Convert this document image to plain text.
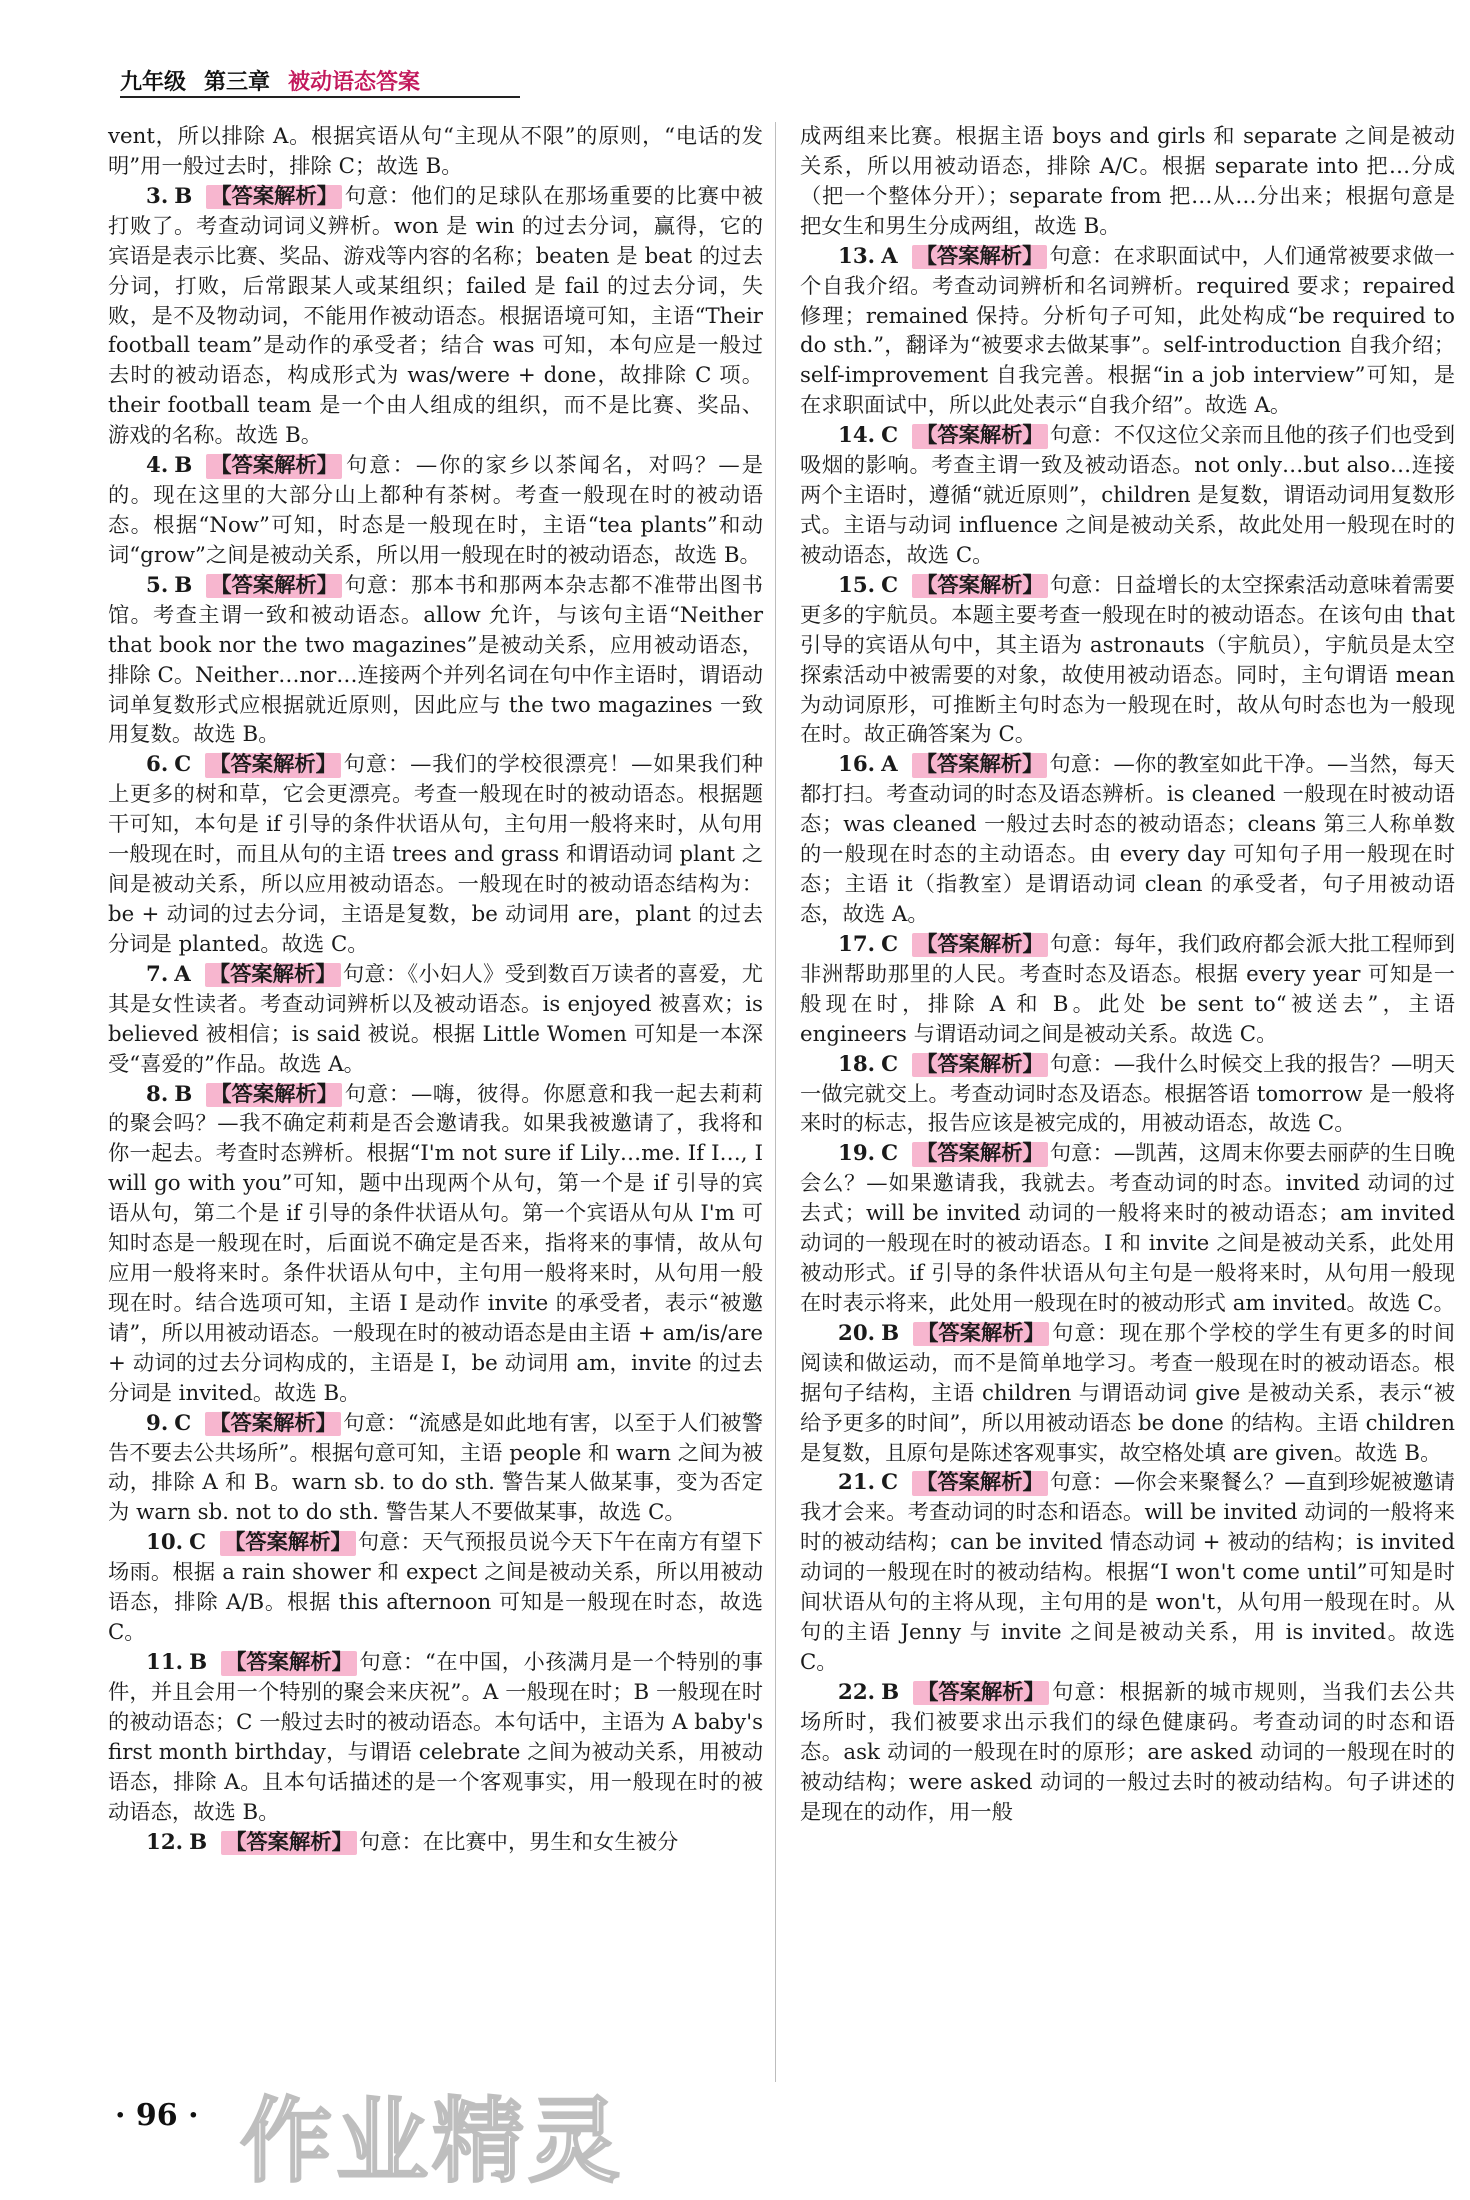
九年级 第三章 被动语态答案

vent，所以排除 A。根据宾语从句“主现从不限”的原则，“电话的发明”用一般过去时，排除 C；故选 B。

3. B 【答案解析】 句意：他们的足球队在那场重要的比赛中被打败了。考查动词词义辨析。won 是 win 的过去分词，赢得，它的宾语是表示比赛、奖品、游戏等内容的名称；beaten 是 beat 的过去分词，打败，后常跟某人或某组织；failed 是 fail 的过去分词，失败，是不及物动词，不能用作被动语态。根据语境可知，主语“Their football team”是动作的承受者；结合 was 可知，本句应是一般过去时的被动语态，构成形式为 was/were + done，故排除 C 项。their football team 是一个由人组成的组织，而不是比赛、奖品、游戏的名称。故选 B。

4. B 【答案解析】 句意：—你的家乡以茶闻名，对吗？—是的。现在这里的大部分山上都种有茶树。考查一般现在时的被动语态。根据“Now”可知，时态是一般现在时，主语“tea plants”和动词“grow”之间是被动关系，所以用一般现在时的被动语态，故选 B。

5. B 【答案解析】 句意：那本书和那两本杂志都不准带出图书馆。考查主谓一致和被动语态。allow 允许，与该句主语“Neither that book nor the two magazines”是被动关系，应用被动语态，排除 C。Neither…nor…连接两个并列名词在句中作主语时，谓语动词单复数形式应根据就近原则，因此应与 the two magazines 一致用复数。故选 B。

6. C 【答案解析】 句意：—我们的学校很漂亮！—如果我们种上更多的树和草，它会更漂亮。考查一般现在时的被动语态。根据题干可知，本句是 if 引导的条件状语从句，主句用一般将来时，从句用一般现在时，而且从句的主语 trees and grass 和谓语动词 plant 之间是被动关系，所以应用被动语态。一般现在时的被动语态结构为：be + 动词的过去分词，主语是复数，be 动词用 are，plant 的过去分词是 planted。故选 C。

7. A 【答案解析】 句意：《小妇人》受到数百万读者的喜爱，尤其是女性读者。考查动词辨析以及被动语态。is enjoyed 被喜欢；is believed 被相信；is said 被说。根据 Little Women 可知是一本深受“喜爱的”作品。故选 A。

8. B 【答案解析】 句意：—嗨，彼得。你愿意和我一起去莉莉的聚会吗？—我不确定莉莉是否会邀请我。如果我被邀请了，我将和你一起去。考查时态辨析。根据“I'm not sure if Lily…me. If I…, I will go with you”可知，题中出现两个从句，第一个是 if 引导的宾语从句，第二个是 if 引导的条件状语从句。第一个宾语从句从 I'm 可知时态是一般现在时，后面说不确定是否来，指将来的事情，故从句应用一般将来时。条件状语从句中，主句用一般将来时，从句用一般现在时。结合选项可知，主语 I 是动作 invite 的承受者，表示“被邀请”，所以用被动语态。一般现在时的被动语态是由主语 + am/is/are + 动词的过去分词构成的，主语是 I，be 动词用 am，invite 的过去分词是 invited。故选 B。

9. C 【答案解析】 句意：“流感是如此地有害，以至于人们被警告不要去公共场所”。根据句意可知，主语 people 和 warn 之间为被动，排除 A 和 B。warn sb. to do sth. 警告某人做某事，变为否定为 warn sb. not to do sth. 警告某人不要做某事，故选 C。

10. C 【答案解析】 句意：天气预报员说今天下午在南方有望下场雨。根据 a rain shower 和 expect 之间是被动关系，所以用被动语态，排除 A/B。根据 this afternoon 可知是一般现在时态，故选 C。

11. B 【答案解析】 句意：“在中国，小孩满月是一个特别的事件，并且会用一个特别的聚会来庆祝”。A 一般现在时；B 一般现在时的被动语态；C 一般过去时的被动语态。本句话中，主语为 A baby's first month birthday，与谓语 celebrate 之间为被动关系，用被动语态，排除 A。且本句话描述的是一个客观事实，用一般现在时的被动语态，故选 B。

12. B 【答案解析】 句意：在比赛中，男生和女生被分

成两组来比赛。根据主语 boys and girls 和 separate 之间是被动关系，所以用被动语态，排除 A/C。根据 separate into 把…分成（把一个整体分开）；separate from 把…从…分出来；根据句意是把女生和男生分成两组，故选 B。

13. A 【答案解析】 句意：在求职面试中，人们通常被要求做一个自我介绍。考查动词辨析和名词辨析。required 要求；repaired 修理；remained 保持。分析句子可知，此处构成“be required to do sth.”，翻译为“被要求去做某事”。self-introduction 自我介绍；self-improvement 自我完善。根据“in a job interview”可知，是在求职面试中，所以此处表示“自我介绍”。故选 A。

14. C 【答案解析】 句意：不仅这位父亲而且他的孩子们也受到吸烟的影响。考查主谓一致及被动语态。not only…but also…连接两个主语时，遵循“就近原则”，children 是复数，谓语动词用复数形式。主语与动词 influence 之间是被动关系，故此处用一般现在时的被动语态，故选 C。

15. C 【答案解析】 句意：日益增长的太空探索活动意味着需要更多的宇航员。本题主要考查一般现在时的被动语态。在该句由 that 引导的宾语从句中，其主语为 astronauts（宇航员），宇航员是太空探索活动中被需要的对象，故使用被动语态。同时，主句谓语 mean 为动词原形，可推断主句时态为一般现在时，故从句时态也为一般现在时。故正确答案为 C。

16. A 【答案解析】 句意：—你的教室如此干净。—当然，每天都打扫。考查动词的时态及语态辨析。is cleaned 一般现在时被动语态；was cleaned 一般过去时态的被动语态；cleans 第三人称单数的一般现在时态的主动语态。由 every day 可知句子用一般现在时态；主语 it（指教室）是谓语动词 clean 的承受者，句子用被动语态，故选 A。

17. C 【答案解析】 句意：每年，我们政府都会派大批工程师到非洲帮助那里的人民。考查时态及语态。根据 every year 可知是一般现在时，排除 A 和 B。此处 be sent to“被送去”，主语 engineers 与谓语动词之间是被动关系。故选 C。

18. C 【答案解析】 句意：—我什么时候交上我的报告？—明天一做完就交上。考查动词时态及语态。根据答语 tomorrow 是一般将来时的标志，报告应该是被完成的，用被动语态，故选 C。

19. C 【答案解析】 句意：—凯茜，这周末你要去丽萨的生日晚会么？—如果邀请我，我就去。考查动词的时态。invited 动词的过去式；will be invited 动词的一般将来时的被动语态；am invited 动词的一般现在时的被动语态。I 和 invite 之间是被动关系，此处用被动形式。if 引导的条件状语从句主句是一般将来时，从句用一般现在时表示将来，此处用一般现在时的被动形式 am invited。故选 C。

20. B 【答案解析】 句意：现在那个学校的学生有更多的时间阅读和做运动，而不是简单地学习。考查一般现在时的被动语态。根据句子结构，主语 children 与谓语动词 give 是被动关系，表示“被给予更多的时间”，所以用被动语态 be done 的结构。主语 children 是复数，且原句是陈述客观事实，故空格处填 are given。故选 B。

21. C 【答案解析】 句意：—你会来聚餐么？—直到珍妮被邀请我才会来。考查动词的时态和语态。will be invited 动词的一般将来时的被动结构；can be invited 情态动词 + 被动的结构；is invited 动词的一般现在时的被动结构。根据“I won't come until”可知是时间状语从句的主将从现，主句用的是 won't，从句用一般现在时。从句的主语 Jenny 与 invite 之间是被动关系，用 is invited。故选 C。

22. B 【答案解析】 句意：根据新的城市规则，当我们去公共场所时，我们被要求出示我们的绿色健康码。考查动词的时态和语态。ask 动词的一般现在时的原形；are asked 动词的一般现在时的被动结构；were asked 动词的一般过去时的被动结构。句子讲述的是现在的动作，用一般

· 96 · 作业精灵
